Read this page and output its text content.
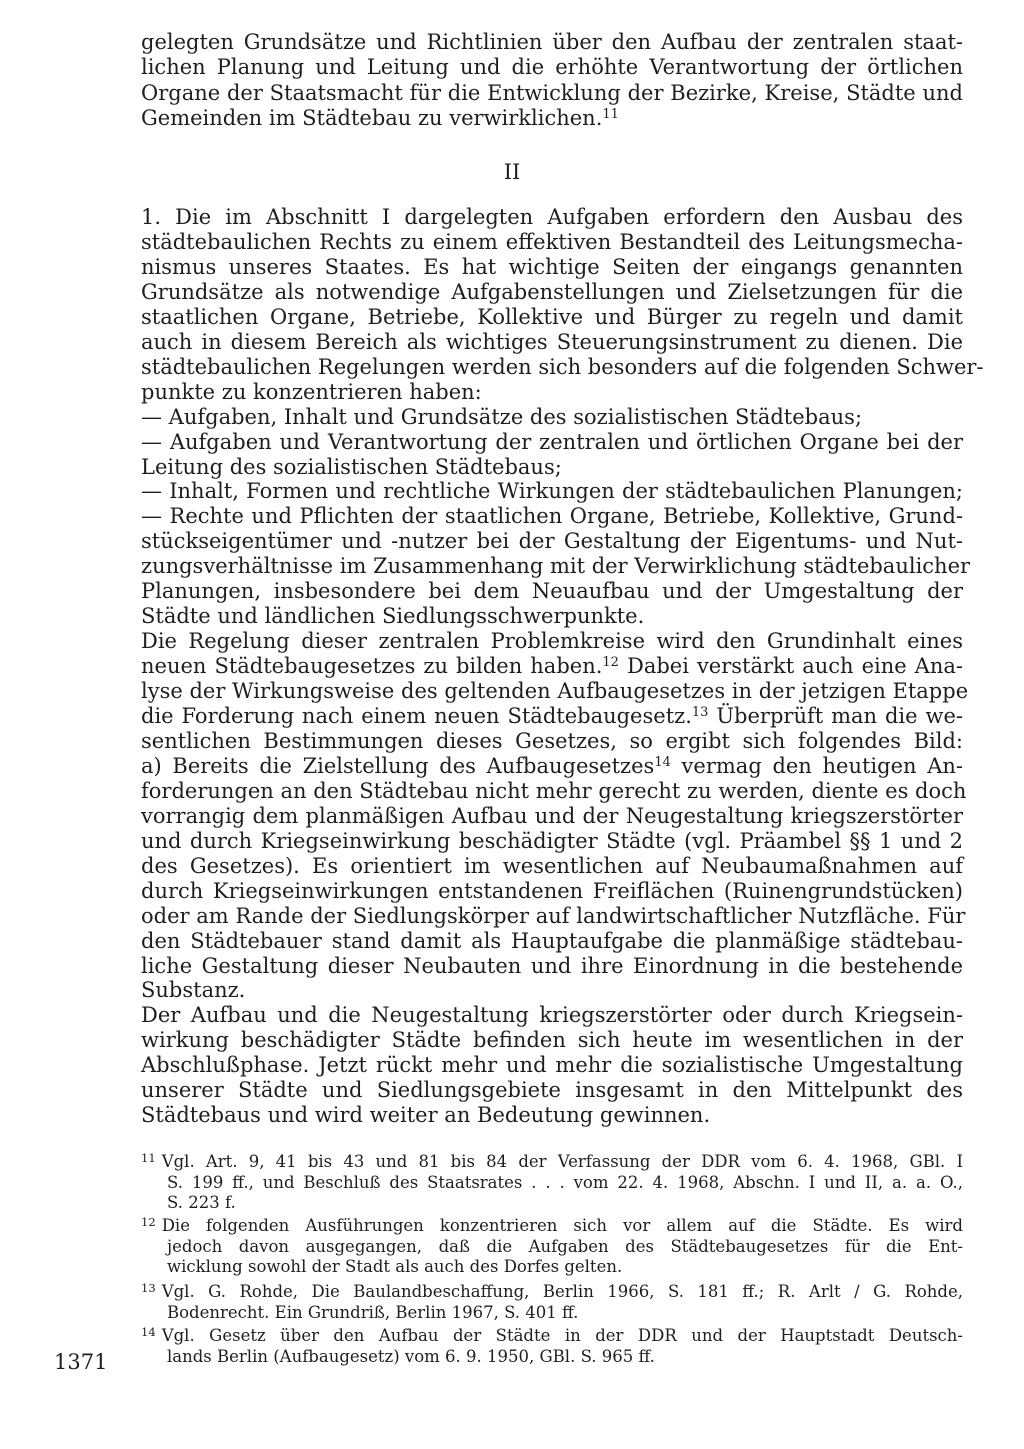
gelegten Grundsätze und Richtlinien über den Aufbau der zentralen staat-
lichen Planung und Leitung und die erhöhte Verantwortung der örtlichen
Organe der Staatsmacht für die Entwicklung der Bezirke, Kreise, Städte und
Gemeinden im Städtebau zu verwirklichen.$^{11}$
II
1. Die im Abschnitt I dargelegten Aufgaben erfordern den Ausbau des
städtebaulichen Rechts zu einem effektiven Bestandteil des Leitungsmecha-
nismus unseres Staates. Es hat wichtige Seiten der eingangs genannten
Grundsätze als notwendige Aufgabenstellungen und Zielsetzungen für die
staatlichen Organe, Betriebe, Kollektive und Bürger zu regeln und damit
auch in diesem Bereich als wichtiges Steuerungsinstrument zu dienen. Die
städtebaulichen Regelungen werden sich besonders auf die folgenden Schwer-
punkte zu konzentrieren haben:
— Aufgaben, Inhalt und Grundsätze des sozialistischen Städtebaus;
— Aufgaben und Verantwortung der zentralen und örtlichen Organe bei der
Leitung des sozialistischen Städtebaus;
— Inhalt, Formen und rechtliche Wirkungen der städtebaulichen Planungen;
— Rechte und Pflichten der staatlichen Organe, Betriebe, Kollektive, Grund-
stückseigentümer und -nutzer bei der Gestaltung der Eigentums- und Nut-
zungsverhältnisse im Zusammenhang mit der Verwirklichung städtebaulicher
Planungen, insbesondere bei dem Neuaufbau und der Umgestaltung der
Städte und ländlichen Siedlungsschwerpunkte.
Die Regelung dieser zentralen Problemkreise wird den Grundinhalt eines
neuen Städtebaugesetzes zu bilden haben.$^{12}$ Dabei verstärkt auch eine Ana-
lyse der Wirkungsweise des geltenden Aufbaugesetzes in der jetzigen Etappe
die Forderung nach einem neuen Städtebaugesetz.$^{13}$ Überprüft man die we-
sentlichen Bestimmungen dieses Gesetzes, so ergibt sich folgendes Bild:
a) Bereits die Zielstellung des Aufbaugesetzes$^{14}$ vermag den heutigen An-
forderungen an den Städtebau nicht mehr gerecht zu werden, diente es doch
vorrangig dem planmäßigen Aufbau und der Neugestaltung kriegszerstörter
und durch Kriegseinwirkung beschädigter Städte (vgl. Präambel §§ 1 und 2
des Gesetzes). Es orientiert im wesentlichen auf Neubaumaßnahmen auf
durch Kriegseinwirkungen entstandenen Freiflächen (Ruinengrundstücken)
oder am Rande der Siedlungskörper auf landwirtschaftlicher Nutzfläche. Für
den Städtebauer stand damit als Hauptaufgabe die planmäßige städtebau-
liche Gestaltung dieser Neubauten und ihre Einordnung in die bestehende
Substanz.
Der Aufbau und die Neugestaltung kriegszerstörter oder durch Kriegsein-
wirkung beschädigter Städte befinden sich heute im wesentlichen in der
Abschlußphase. Jetzt rückt mehr und mehr die sozialistische Umgestaltung
unserer Städte und Siedlungsgebiete insgesamt in den Mittelpunkt des
Städtebaus und wird weiter an Bedeutung gewinnen.
$^{11}$ Vgl. Art. 9, 41 bis 43 und 81 bis 84 der Verfassung der DDR vom 6. 4. 1968, GBl. I
S. 199 ff., und Beschluß des Staatsrates . . . vom 22. 4. 1968, Abschn. I und II, a. a. O.,
S. 223 f.
$^{12}$ Die folgenden Ausführungen konzentrieren sich vor allem auf die Städte. Es wird
jedoch davon ausgegangen, daß die Aufgaben des Städtebaugesetzes für die Ent-
wicklung sowohl der Stadt als auch des Dorfes gelten.
$^{13}$ Vgl. G. Rohde, Die Baulandbeschaffung, Berlin 1966, S. 181 ff.; R. Arlt / G. Rohde,
Bodenrecht. Ein Grundriß, Berlin 1967, S. 401 ff.
$^{14}$ Vgl. Gesetz über den Aufbau der Städte in der DDR und der Hauptstadt Deutsch-
lands Berlin (Aufbaugesetz) vom 6. 9. 1950, GBl. S. 965 ff.
1371
